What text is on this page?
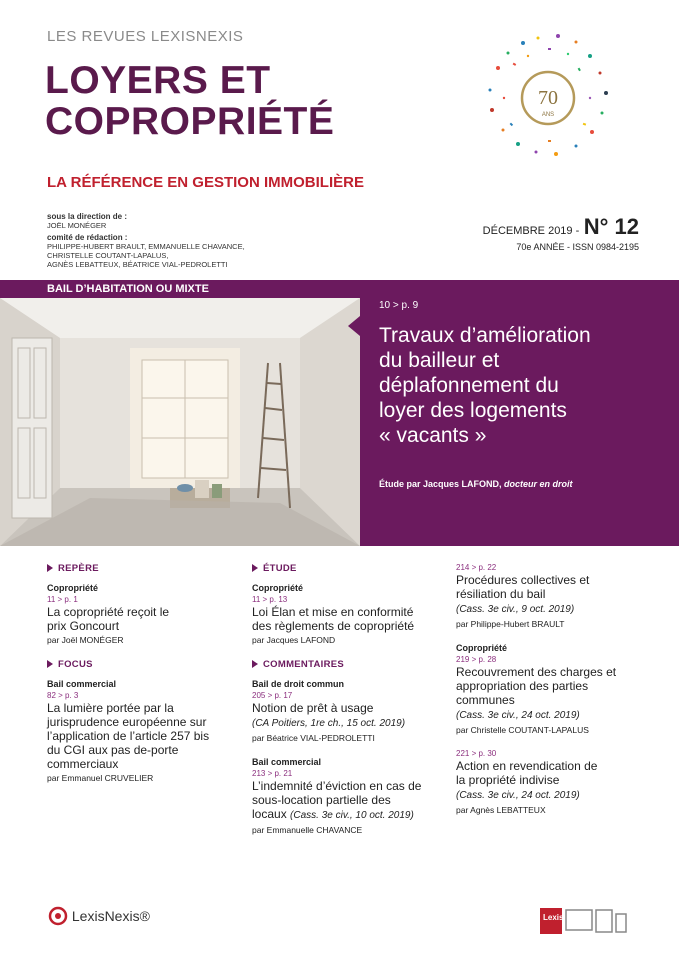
LES REVUES LEXISNEXIS
LOYERS ET
COPROPRIÉTÉ
LA RÉFÉRENCE EN GESTION IMMOBILIÈRE
70
ANS
sous la direction de :
JOËL MONÉGER
comité de rédaction :
PHILIPPE-HUBERT BRAULT, EMMANUELLE CHAVANCE,
CHRISTELLE COUTANT-LAPALUS,
AGNÈS LEBATTEUX, BÉATRICE VIAL-PEDROLETTI
DÉCEMBRE 2019 - N° 12
70e ANNÉE - ISSN 0984-2195
BAIL D’HABITATION OU MIXTE
10 > p. 9
Travaux d’amélioration
du bailleur et
déplafonnement du
loyer des logements
« vacants »
Étude par Jacques LAFOND, docteur en droit
REPÈRE
Copropriété
11 > p. 1
La copropriété reçoit le prix Goncourt
par Joël MONÉGER
FOCUS
Bail commercial
82 > p. 3
La lumière portée par la jurisprudence européenne sur l’application de l’article 257 bis du CGI aux pas de-porte commerciaux
par Emmanuel CRUVELIER
ÉTUDE
Copropriété
11 > p. 13
Loi Élan et mise en conformité des règlements de copropriété
par Jacques LAFOND
COMMENTAIRES
Bail de droit commun
205 > p. 17
Notion de prêt à usage
(CA Poitiers, 1re ch., 15 oct. 2019)
par Béatrice VIAL-PEDROLETTI
Bail commercial
213 > p. 21
L’indemnité d’éviction en cas de sous-location partielle des locaux (Cass. 3e civ., 10 oct. 2019)
par Emmanuelle CHAVANCE
214 > p. 22
Procédures collectives et résiliation du bail
(Cass. 3e civ., 9 oct. 2019)
par Philippe-Hubert BRAULT
Copropriété
219 > p. 28
Recouvrement des charges et appropriation des parties communes
(Cass. 3e civ., 24 oct. 2019)
par Christelle COUTANT-LAPALUS
221 > p. 30
Action en revendication de la propriété indivise
(Cass. 3e civ., 24 oct. 2019)
par Agnès LEBATTEUX
LexisNexis®	Lexis
